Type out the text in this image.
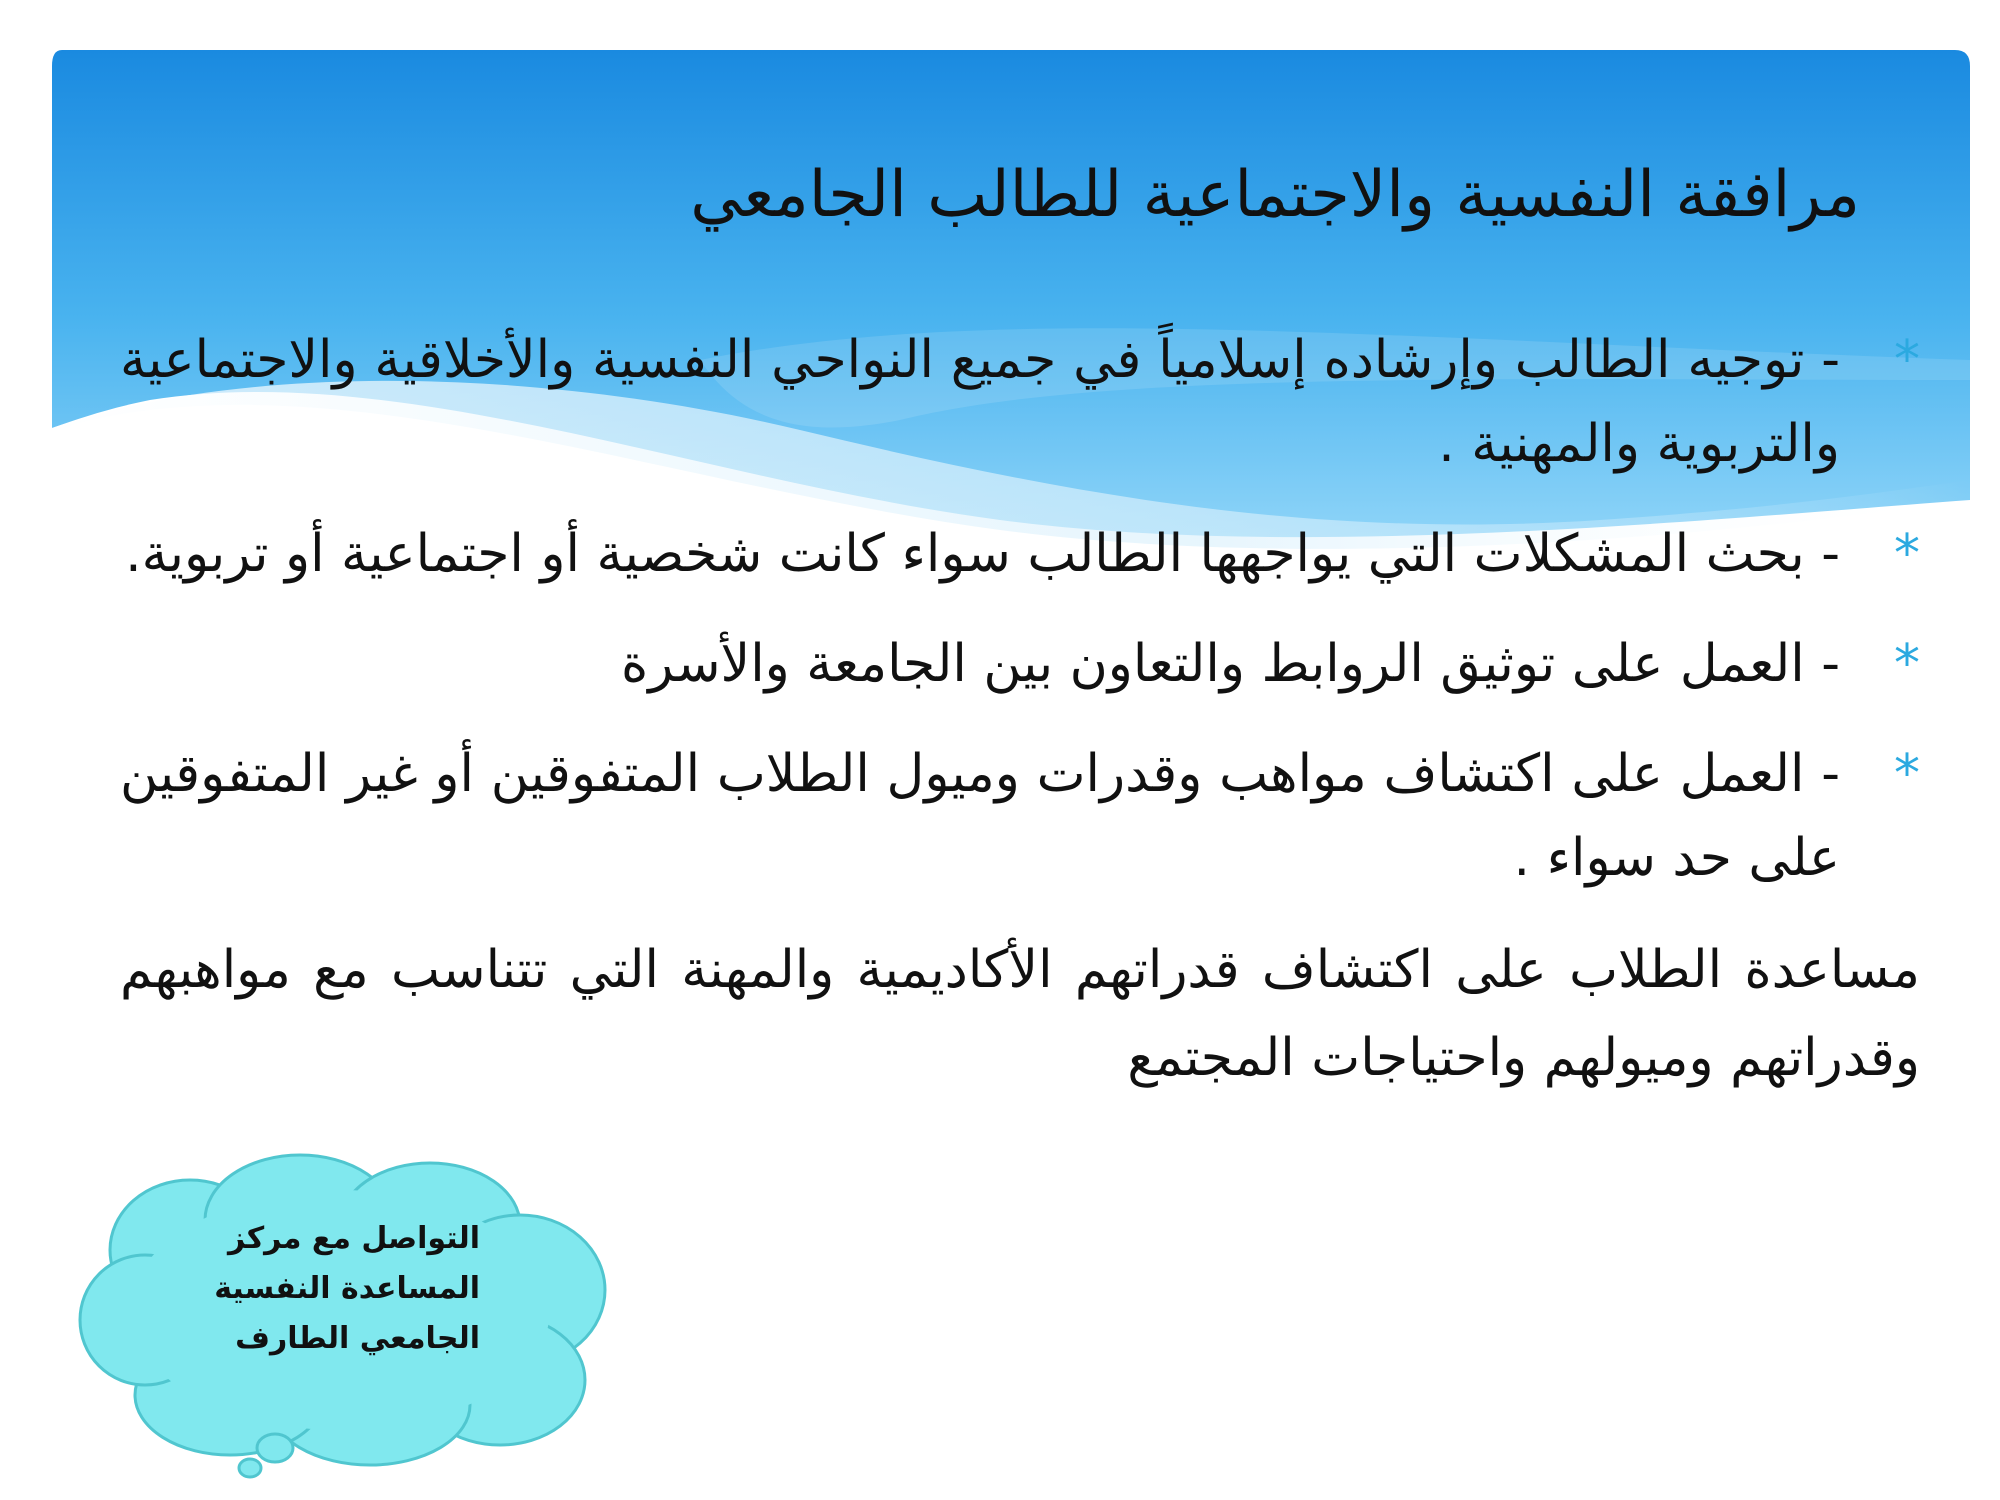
مرافقة النفسية والاجتماعية للطالب الجامعي
*
- توجيه الطالب وإرشاده إسلامياً في جميع النواحي النفسية والأخلاقية والاجتماعية والتربوية والمهنية .
*
- بحث المشكلات التي يواجهها الطالب سواء كانت شخصية أو اجتماعية أو تربوية.
*
- العمل على توثيق الروابط والتعاون بين الجامعة والأسرة
*
- العمل على اكتشاف مواهب وقدرات وميول الطلاب المتفوقين أو غير المتفوقين على حد سواء .
مساعدة الطلاب على اكتشاف قدراتهم الأكاديمية والمهنة التي تتناسب مع مواهبهم وقدراتهم وميولهم واحتياجات المجتمع
التواصل مع مركز
المساعدة النفسية
الجامعي الطارف
